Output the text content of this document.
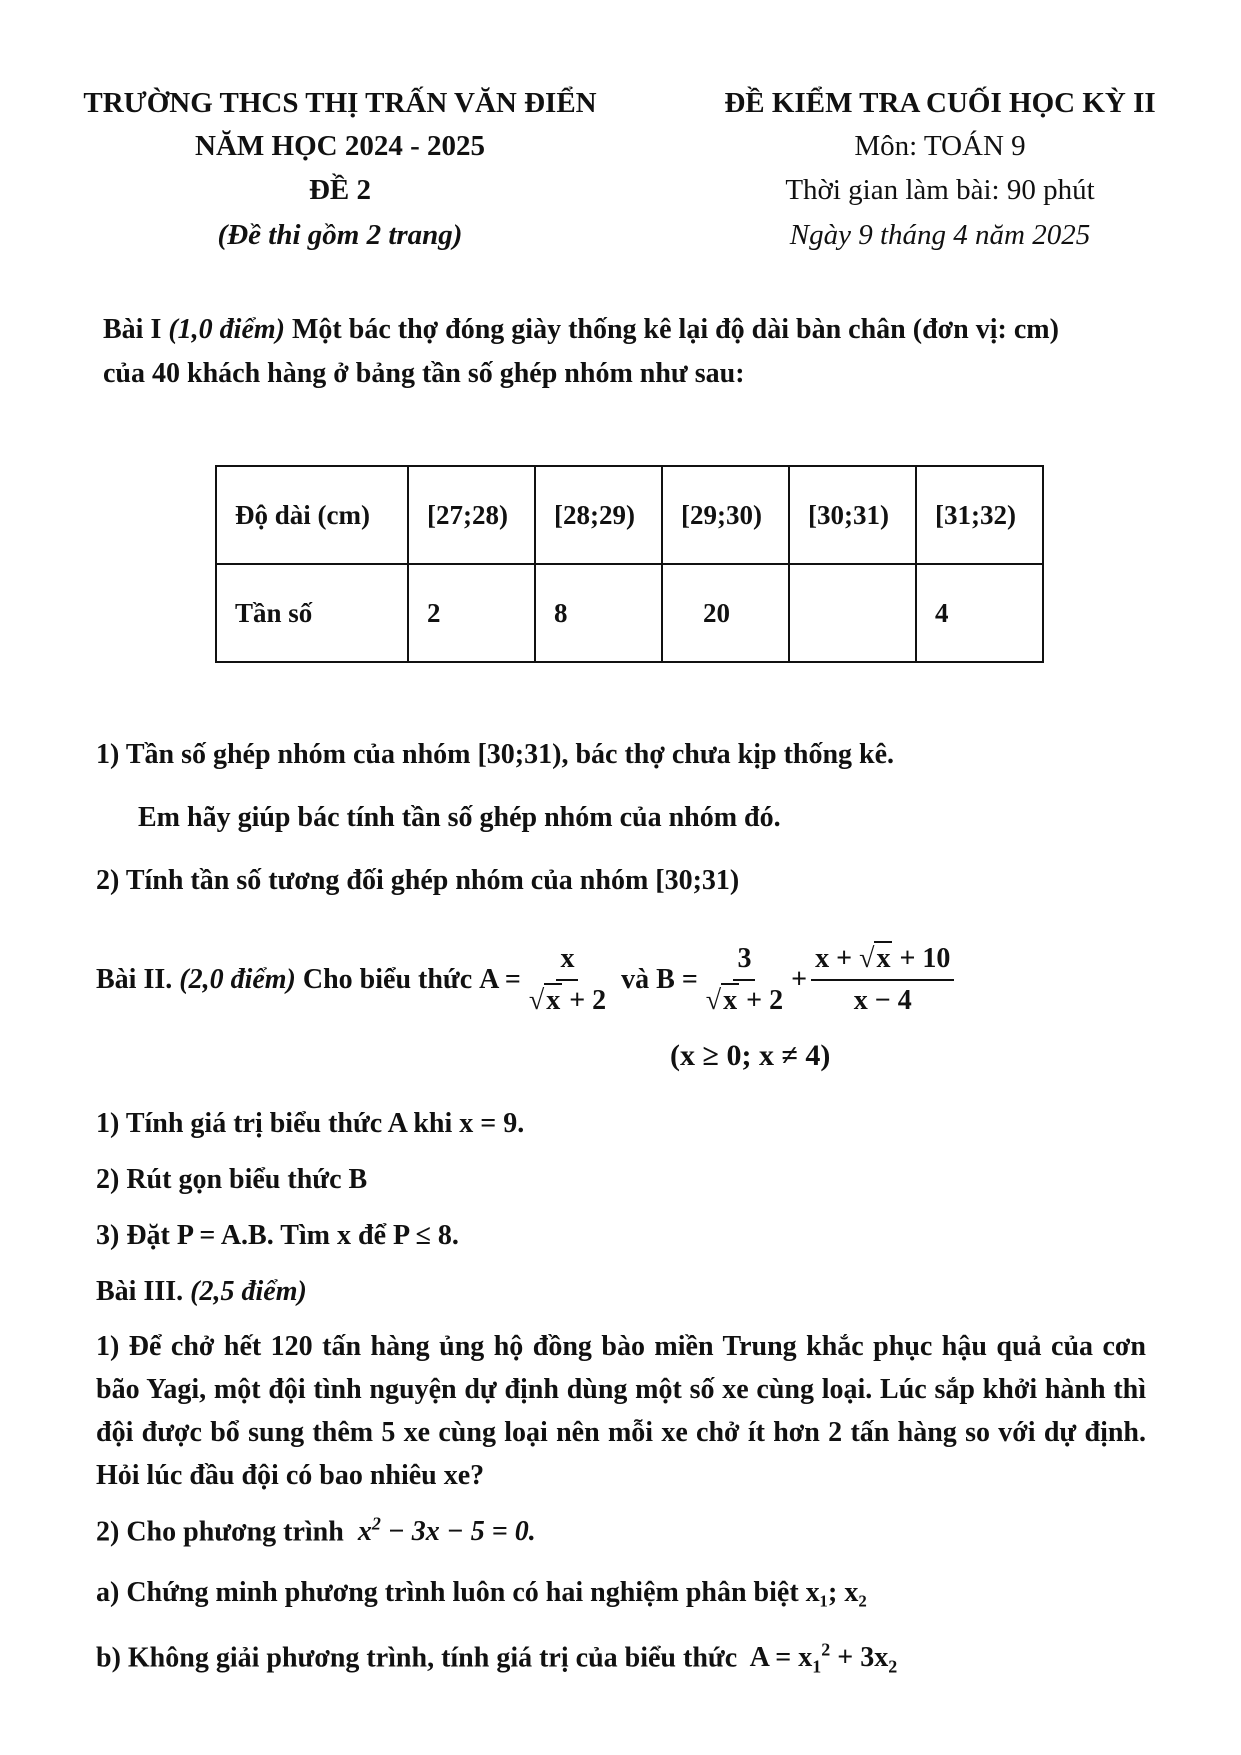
TRƯỜNG THCS THỊ TRẤN VĂN ĐIỂN
NĂM HỌC 2024 - 2025
ĐỀ 2
(Đề thi gồm 2 trang)
ĐỀ KIỂM TRA CUỐI HỌC KỲ II
Môn: TOÁN 9
Thời gian làm bài: 90 phút
Ngày 9 tháng 4 năm 2025
Bài I (1,0 điểm) Một bác thợ đóng giày thống kê lại độ dài bàn chân (đơn vị: cm)
của 40 khách hàng ở bảng tần số ghép nhóm như sau:
Độ dài (cm)	[27;28)	[28;29)	[29;30)	[30;31)	[31;32)
Tần số	2	8	20		4
1) Tần số ghép nhóm của nhóm [30;31), bác thợ chưa kịp thống kê.
Em hãy giúp bác tính tần số ghép nhóm của nhóm đó.
2) Tính tần số tương đối ghép nhóm của nhóm [30;31)
Bài II.
(2,0 điểm)
Cho biểu thức
$A = \frac{x}{√x + 2}$
và
$B = \frac{3}{√x + 2} + \frac{x + √x + 10}{x - 4}$
(x ≥ 0; x ≠ 4)
1) Tính giá trị biểu thức A khi x = 9.
2) Rút gọn biểu thức B
3) Đặt P = A.B. Tìm x để P ≤ 8.
Bài III. (2,5 điểm)
1) Để chở hết 120 tấn hàng ủng hộ đồng bào miền Trung khắc phục hậu quả của cơn bão Yagi, một đội tình nguyện dự định dùng một số xe cùng loại. Lúc sắp khởi hành thì đội được bổ sung thêm 5 xe cùng loại nên mỗi xe chở ít hơn 2 tấn hàng so với dự định. Hỏi lúc đầu đội có bao nhiêu xe?
2) Cho phương trình $x^2 - 3x - 5 = 0$.
a) Chứng minh phương trình luôn có hai nghiệm phân biệt x₁; x₂
b) Không giải phương trình, tính giá trị của biểu thức $A = x_1^2 + 3x_2$
